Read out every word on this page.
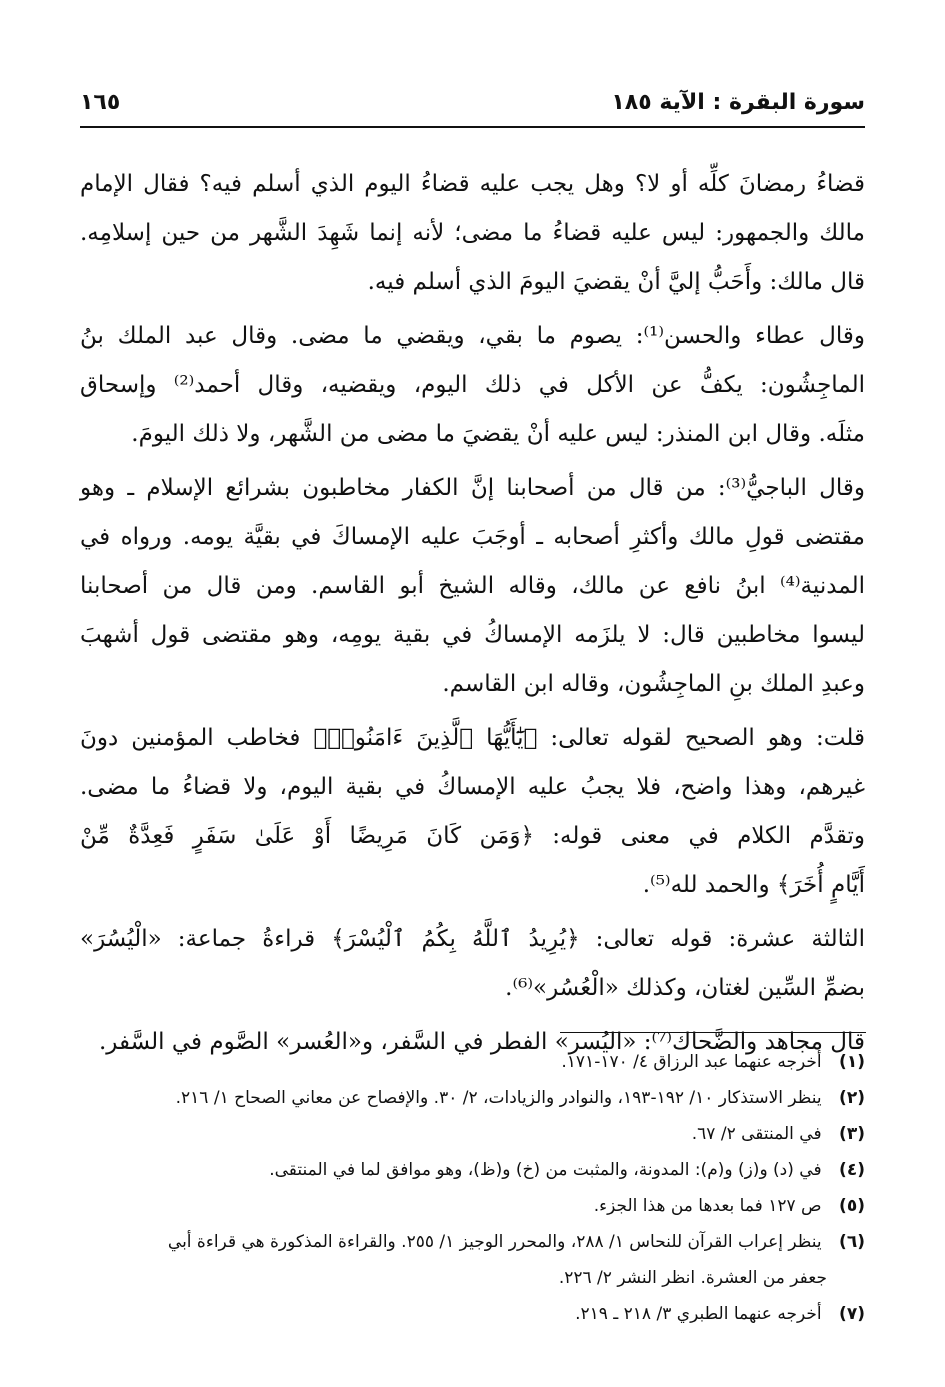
سورة البقرة : الآية ١٨٥
١٦٥
قضاءُ رمضانَ كلِّه أو لا؟ وهل يجب عليه قضاءُ اليوم الذي أسلم فيه؟ فقال الإمام
مالك والجمهور: ليس عليه قضاءُ ما مضى؛ لأنه إنما شَهِدَ الشَّهر من حين إسلامِه.
قال مالك: وأَحَبُّ إليَّ أنْ يقضيَ اليومَ الذي أسلم فيه.
وقال عطاء والحسن⁽¹⁾: يصوم ما بقي، ويقضي ما مضى. وقال عبد الملك بنُ
الماجِشُون: يكفُّ عن الأكل في ذلك اليوم، ويقضيه، وقال أحمد⁽²⁾ وإسحاق
مثلَه. وقال ابن المنذر: ليس عليه أنْ يقضيَ ما مضى من الشَّهر، ولا ذلك اليومَ.
وقال الباجيُّ⁽³⁾: من قال من أصحابنا إنَّ الكفار مخاطبون بشرائع الإسلام ـ وهو
مقتضى قولِ مالك وأكثرِ أصحابه ـ أوجَبَ عليه الإمساكَ في بقيَّة يومه. ورواه في
المدنية⁽⁴⁾ ابنُ نافع عن مالك، وقاله الشيخ أبو القاسم. ومن قال من أصحابنا
ليسوا مخاطبين قال: لا يلزَمه الإمساكُ في بقية يومِه، وهو مقتضى قول أشهبَ
وعبدِ الملك بنِ الماجِشُون، وقاله ابن القاسم.
قلت: وهو الصحيح لقوله تعالى: ﴿يَٰٓأَيُّهَا ٱلَّذِينَ ءَامَنُوا۟﴾ فخاطب المؤمنين دونَ
غيرهم، وهذا واضح، فلا يجبُ عليه الإمساكُ في بقية اليوم، ولا قضاءُ ما مضى.
وتقدَّم الكلام في معنى قوله: ﴿وَمَن كَانَ مَرِيضًا أَوْ عَلَىٰ سَفَرٍ فَعِدَّةٌ مِّنْ
أَيَّامٍ أُخَرَ﴾ والحمد لله⁽⁵⁾.
الثالثة عشرة: قوله تعالى: ﴿يُرِيدُ ٱللَّهُ بِكُمُ ٱلْيُسْرَ﴾ قراءةُ جماعة: «الْيُسُرَ»
بضمِّ السِّين لغتان، وكذلك «الْعُسُر»⁽⁶⁾.
قال مجاهد والضَّحاك⁽⁷⁾: «اليُسر» الفطر في السَّفر، و«العُسر» الصَّوم في السَّفر.
(١) أخرجه عنهما عبد الرزاق ٤/ ١٧٠-١٧١.
(٢) ينظر الاستذكار ١٠/ ١٩٢-١٩٣، والنوادر والزيادات، ٢/ ٣٠. والإفصاح عن معاني الصحاح ١/ ٢١٦.
(٣) في المنتقى ٢/ ٦٧.
(٤) في (د) و(ز) و(م): المدونة، والمثبت من (خ) و(ظ)، وهو موافق لما في المنتقى.
(٥) ص ١٢٧ فما بعدها من هذا الجزء.
(٦) ينظر إعراب القرآن للنحاس ١/ ٢٨٨، والمحرر الوجيز ١/ ٢٥٥. والقراءة المذكورة هي قراءة أبي
جعفر من العشرة. انظر النشر ٢/ ٢٢٦.
(٧) أخرجه عنهما الطبري ٣/ ٢١٨ ـ ٢١٩.
